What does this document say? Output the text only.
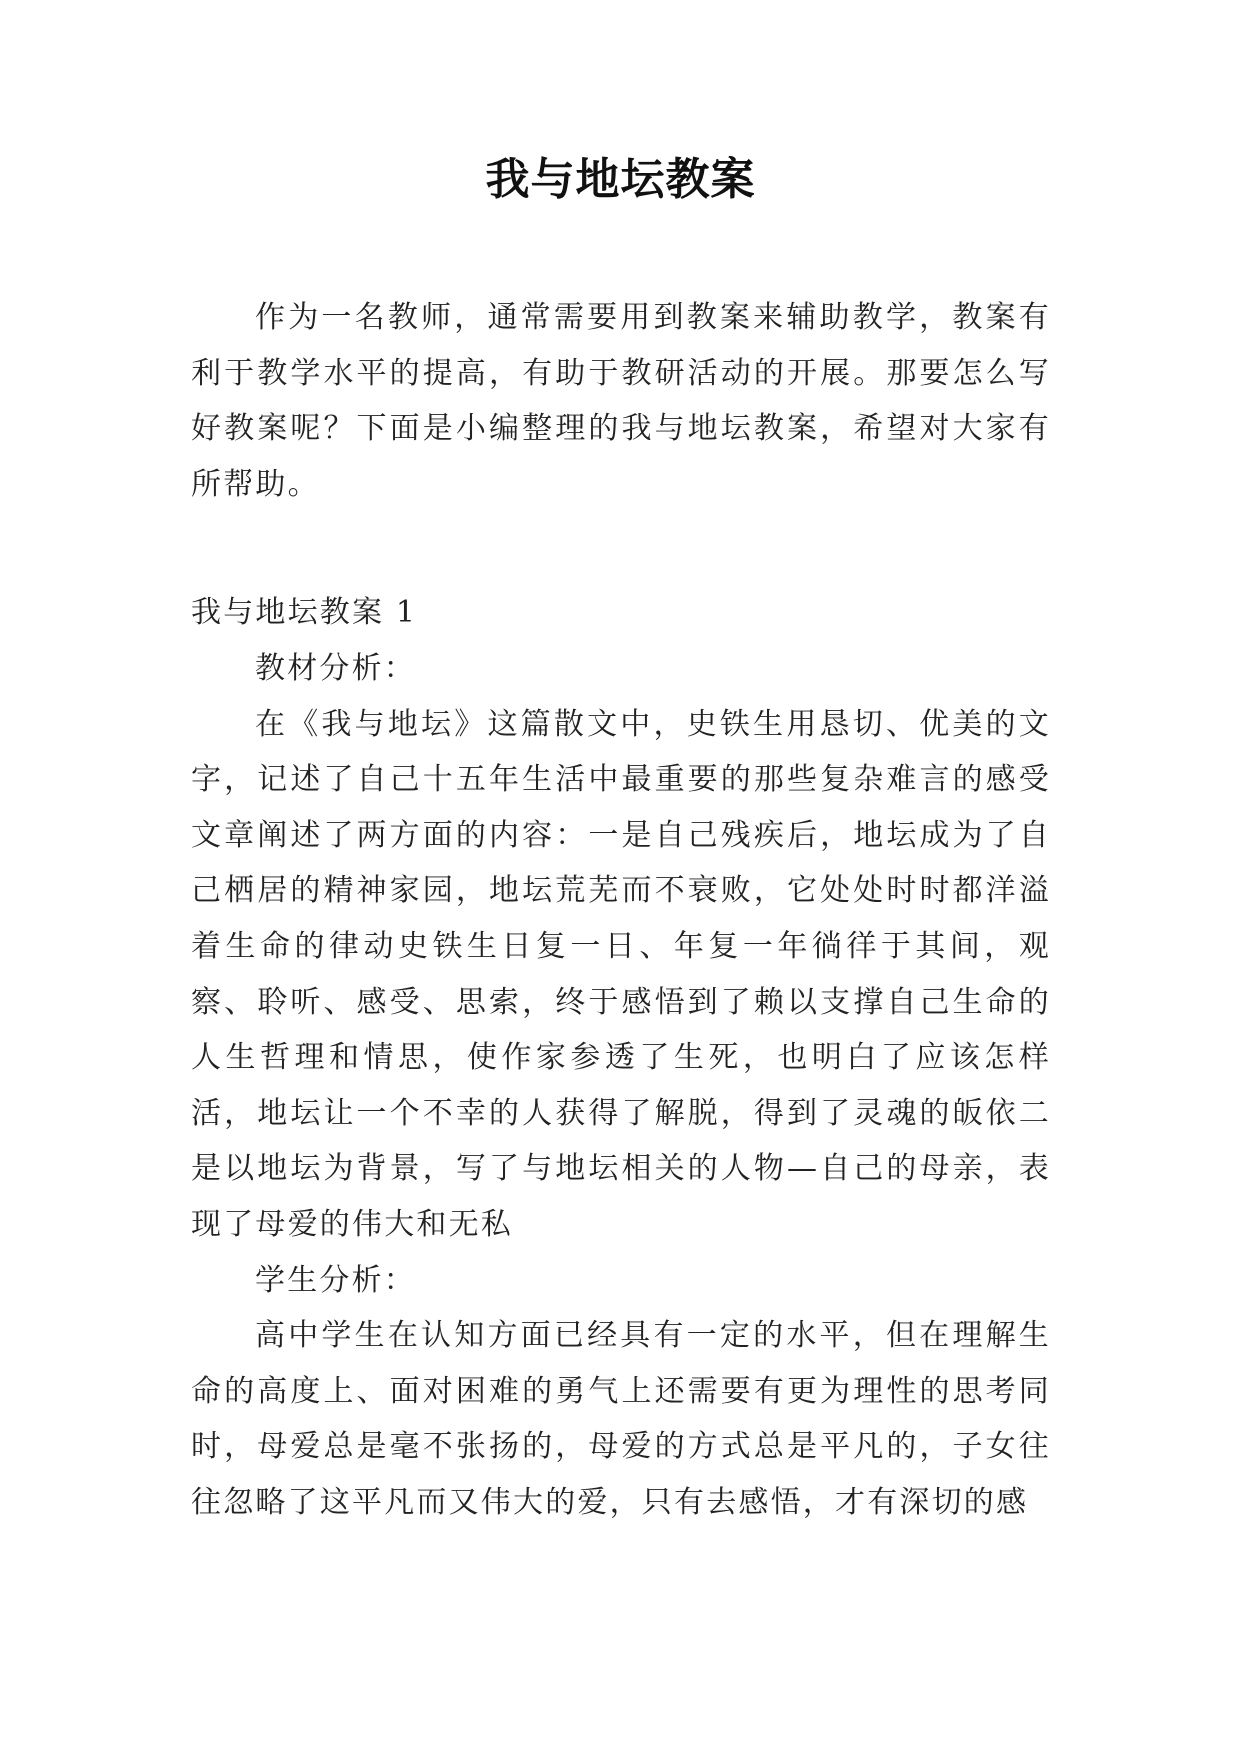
我与地坛教案

作为一名教师，通常需要用到教案来辅助教学，教案有利于教学水平的提高，有助于教研活动的开展。那要怎么写好教案呢？下面是小编整理的我与地坛教案，希望对大家有所帮助。

我与地坛教案 1

教材分析：

在《我与地坛》这篇散文中，史铁生用恳切、优美的文字，记述了自己十五年生活中最重要的那些复杂难言的感受文章阐述了两方面的内容：一是自己残疾后，地坛成为了自己栖居的精神家园，地坛荒芜而不衰败，它处处时时都洋溢着生命的律动史铁生日复一日、年复一年徜徉于其间，观察、聆听、感受、思索，终于感悟到了赖以支撑自己生命的人生哲理和情思，使作家参透了生死，也明白了应该怎样活，地坛让一个不幸的人获得了解脱，得到了灵魂的皈依二是以地坛为背景，写了与地坛相关的人物—自己的母亲，表现了母爱的伟大和无私

学生分析：

高中学生在认知方面已经具有一定的水平，但在理解生命的高度上、面对困难的勇气上还需要有更为理性的思考同时，母爱总是毫不张扬的，母爱的方式总是平凡的，子女往往忽略了这平凡而又伟大的爱，只有去感悟，才有深切的感
